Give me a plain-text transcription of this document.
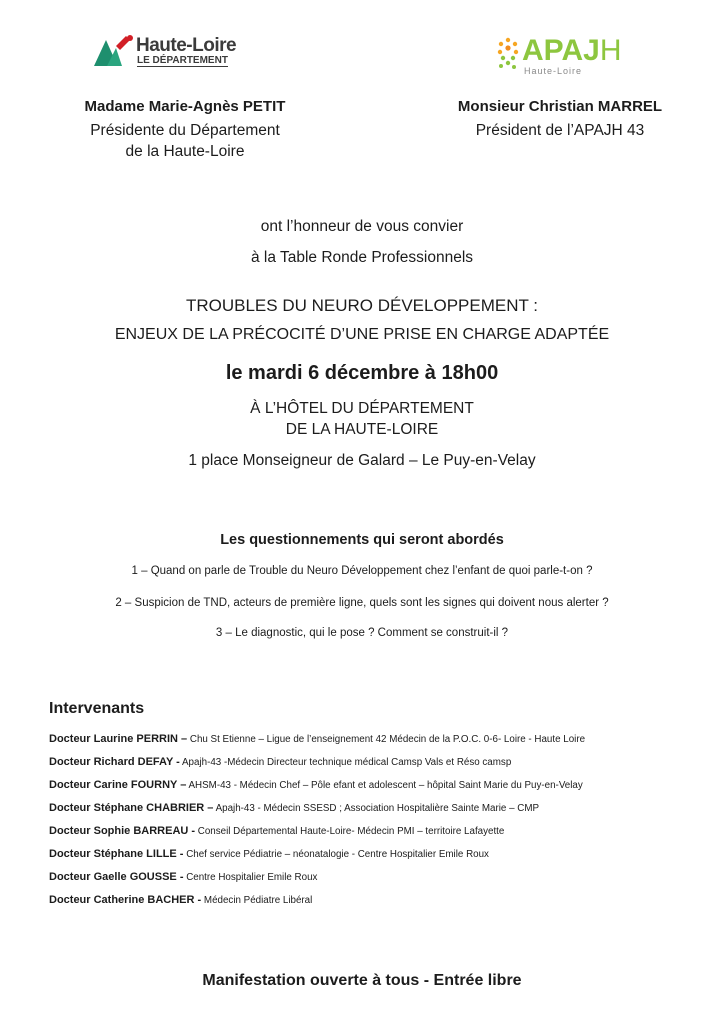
Haute-Loire
LE DÉPARTEMENT	APAJH
Haute-Loire
Madame Marie-Agnès PETIT
Présidente du Département
de la Haute-Loire
Monsieur Christian MARREL
Président de l’APAJH 43
ont l’honneur de vous convier
à la Table Ronde Professionnels
TROUBLES DU NEURO DÉVELOPPEMENT :
ENJEUX DE LA PRÉCOCITÉ D’UNE PRISE EN CHARGE ADAPTÉE
le mardi 6 décembre à 18h00
À L’HÔTEL DU DÉPARTEMENT
DE LA HAUTE-LOIRE
1 place Monseigneur de Galard – Le Puy-en-Velay
Les questionnements qui seront abordés
1 – Quand on parle de Trouble du Neuro Développement chez l’enfant de quoi parle-t-on ?
2 – Suspicion de TND, acteurs de première ligne, quels sont les signes qui doivent nous alerter ?
3 – Le diagnostic, qui le pose ? Comment se construit-il ?
Intervenants
Docteur Laurine PERRIN – Chu St Etienne – Ligue de l’enseignement 42 Médecin de la P.O.C. 0-6- Loire - Haute Loire
Docteur Richard DEFAY - Apajh-43 -Médecin Directeur technique médical Camsp Vals et Réso camsp
Docteur Carine FOURNY – AHSM-43 - Médecin Chef – Pôle efant et adolescent – hôpital Saint Marie du Puy-en-Velay
Docteur Stéphane CHABRIER – Apajh-43 - Médecin SSESD ; Association Hospitalière Sainte Marie – CMP
Docteur Sophie BARREAU - Conseil Départemental Haute-Loire- Médecin PMI – territoire Lafayette
Docteur Stéphane LILLE - Chef service Pédiatrie – néonatalogie - Centre Hospitalier Emile Roux
Docteur Gaelle GOUSSE - Centre Hospitalier Emile Roux
Docteur Catherine BACHER - Médecin Pédiatre Libéral
Manifestation ouverte à tous - Entrée libre
